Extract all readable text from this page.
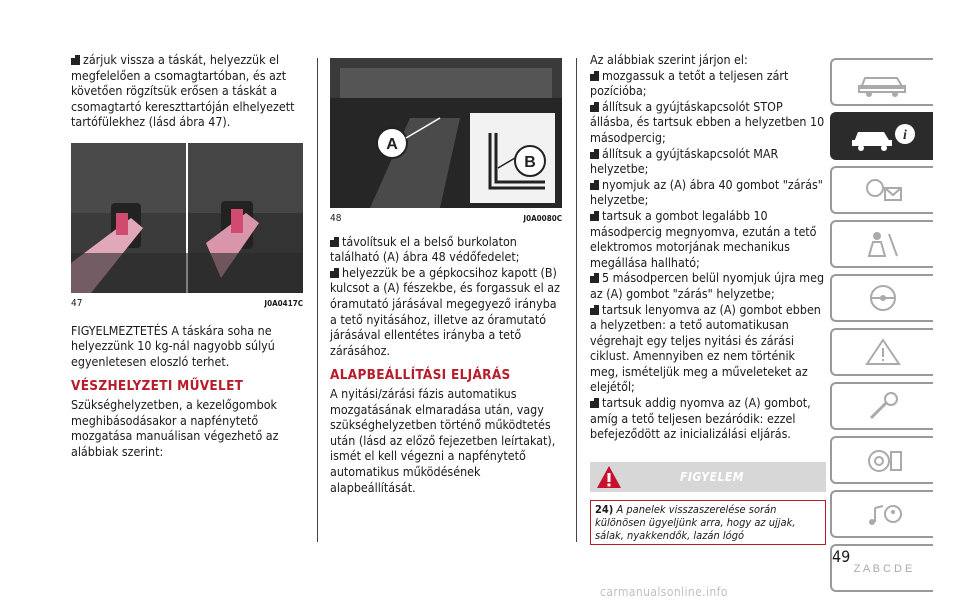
zárjuk vissza a táskát, helyezzük el megfelelően a csomagtartóban, és azt követően rögzítsük erősen a táskát a csomagtartó kereszttartóján elhelyezett tartófülekhez (lásd ábra 47).

47	J0A0417C

FIGYELMEZTETÉS A táskára soha ne helyezzünk 10 kg-nál nagyobb súlyú egyenletesen eloszló terhet.

VÉSZHELYZETI MŰVELET

Szükséghelyzetben, a kezelőgombok meghibásodásakor a napfénytető mozgatása manuálisan végezhető az alábbiak szerint:

A
B
48	J0A0080C

távolítsuk el a belső burkolaton található (A) ábra 48 védőfedelet;

helyezzük be a gépkocsihoz kapott (B) kulcsot a (A) fészekbe, és forgassuk el az óramutató járásával megegyező irányba a tető nyitásához, illetve az óramutató járásával ellentétes irányba a tető zárásához.

ALAPBEÁLLÍTÁSI ELJÁRÁS

A nyitási/zárási fázis automatikus mozgatásának elmaradása után, vagy szükséghelyzetben történő működtetés után (lásd az előző fejezetben leírtakat), ismét el kell végezni a napfénytető automatikus működésének alapbeállítását.

Az alábbiak szerint járjon el:

mozgassuk a tetőt a teljesen zárt pozícióba;

állítsuk a gyújtáskapcsolót STOP állásba, és tartsuk ebben a helyzetben 10 másodpercig;

állítsuk a gyújtáskapcsolót MAR helyzetbe;

nyomjuk az (A) ábra 40 gombot "zárás" helyzetbe;

tartsuk a gombot legalább 10 másodpercig megnyomva, ezután a tető elektromos motorjának mechanikus megállása hallható;

5 másodpercen belül nyomjuk újra meg az (A) gombot "zárás" helyzetbe;

tartsuk lenyomva az (A) gombot ebben a helyzetben: a tető automatikusan végrehajt egy teljes nyitási és zárási ciklust. Amennyiben ez nem történik meg, ismételjük meg a műveleteket az elejétől;

tartsuk addig nyomva az (A) gombot, amíg a tető teljesen bezáródik: ezzel befejeződött az inicializálási eljárás.

FIGYELEM
24) A panelek visszaszerelése során különösen ügyeljünk arra, hogy az ujjak, sálak, nyakkendők, lazán lógó
i
Z A B C D E
49
carmanualsonline.info
